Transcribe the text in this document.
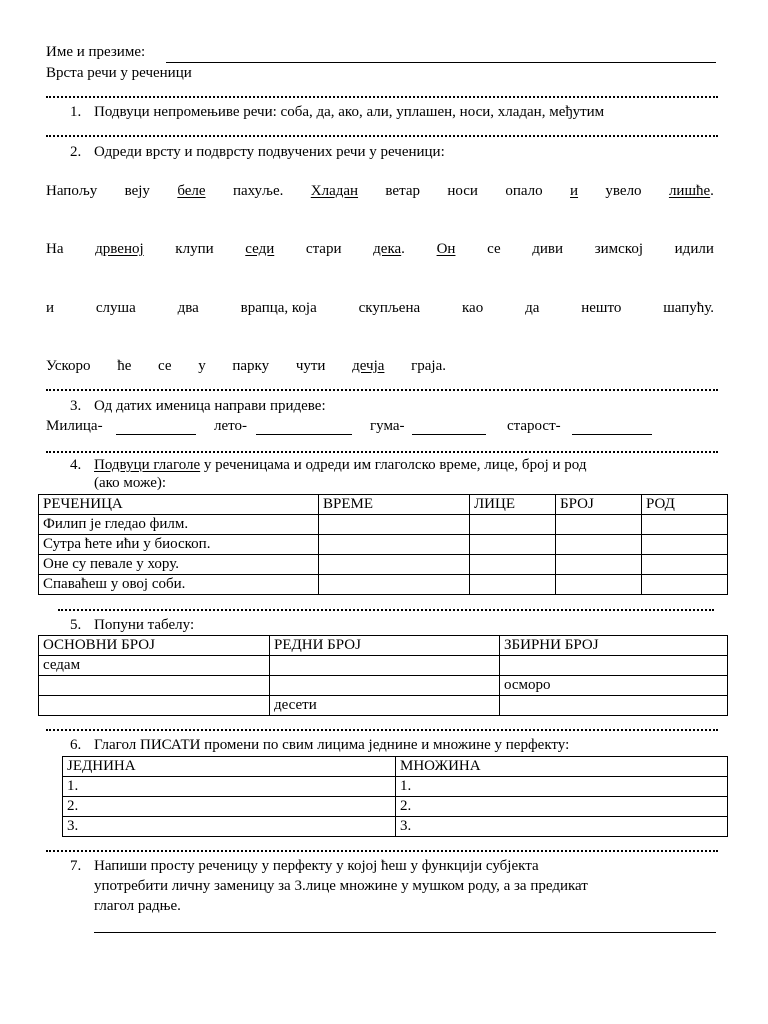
Име и презиме:
Врста речи у реченици
1. Подвуци непромењиве речи: соба, да, ако, али, уплашен, носи, хладан, међутим
2. Одреди врсту и подврсту подвучених речи у реченици:
Напољу веју беле пахуље. Хладан ветар носи опало и увело лишће.
На дрвеној клупи седи стари дека. Он се диви зимској идили
и	слуша	два	врапца, која	скупљена	као	да	нешто	шапућу.
Ускоро ће се у парку чути дечја граја.
3. Од датих именица направи придеве:
Милица-	лето-	гума-	старост-
4. Подвуци глаголе у реченицама и одреди им глаголско време, лице, број и род
(ако може):
РЕЧЕНИЦА	ВРЕМЕ	ЛИЦЕ	БРОЈ	РОД
Филип је гледао филм.				
Сутра ћете ићи у биоскоп.				
Оне су певале у хору.				
Спаваћеш у овој соби.				
5. Попуни табелу:
ОСНОВНИ БРОЈ	РЕДНИ БРОЈ	ЗБИРНИ БРОЈ
седам		
		осморо
	десети	
6. Глагол ПИСАТИ промени по свим лицима једнине и множине у перфекту:
ЈЕДНИНА	МНОЖИНА
1.	1.
2.	2.
3.	3.
7. Напиши просту реченицу у перфекту у којој ћеш у функцији субјекта
употребити личну заменицу за 3.лице множине у мушком роду, а за предикат
глагол радње.
